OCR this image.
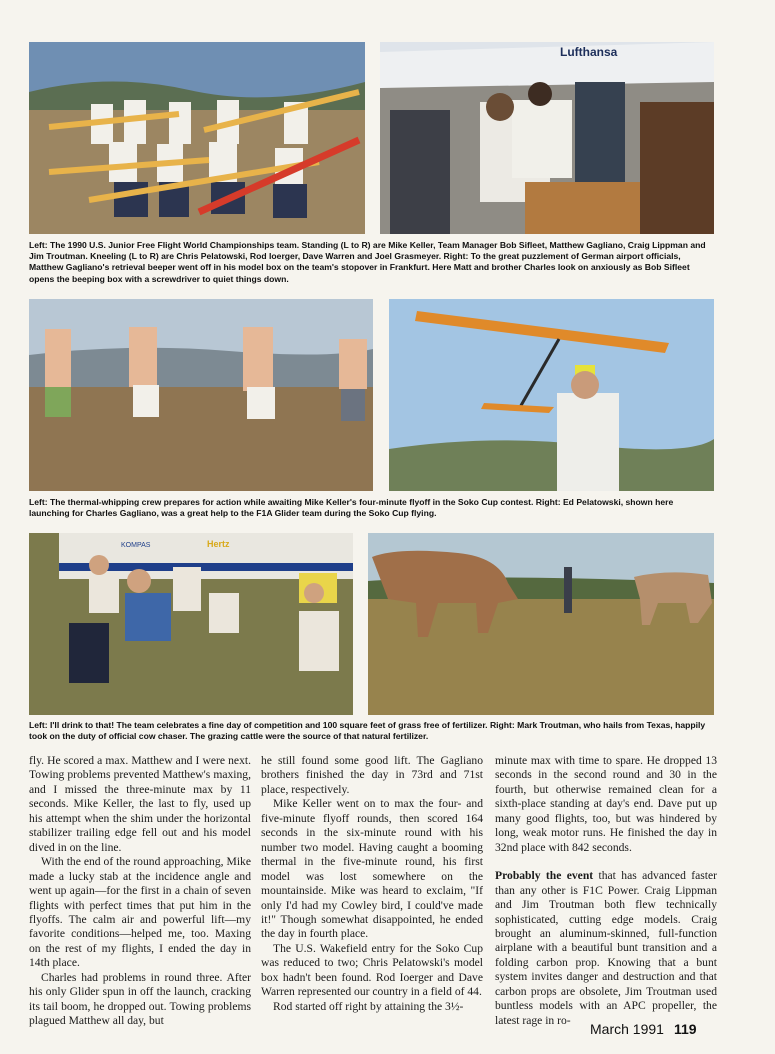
Lufthansa

Left: The 1990 U.S. Junior Free Flight World Championships team. Standing (L to R) are Mike Keller, Team Manager Bob Sifleet, Matthew Gagliano, Craig Lippman and Jim Troutman. Kneeling (L to R) are Chris Pelatowski, Rod Ioerger, Dave Warren and Joel Grasmeyer. Right: To the great puzzlement of German airport officials, Matthew Gagliano's retrieval beeper went off in his model box on the team's stopover in Frankfurt. Here Matt and brother Charles look on anxiously as Bob Sifleet opens the beeping box with a screwdriver to quiet things down.

Left: The thermal-whipping crew prepares for action while awaiting Mike Keller's four-minute flyoff in the Soko Cup contest. Right: Ed Pelatowski, shown here launching for Charles Gagliano, was a great help to the F1A Glider team during the Soko Cup flying.

KOMPAS	Hertz

Left: I'll drink to that! The team celebrates a fine day of competition and 100 square feet of grass free of fertilizer. Right: Mark Troutman, who hails from Texas, happily took on the duty of official cow chaser. The grazing cattle were the source of that natural fertilizer.

fly. He scored a max. Matthew and I were next. Towing problems prevented Matthew's maxing, and I missed the three-minute max by 11 seconds. Mike Keller, the last to fly, used up his attempt when the shim under the horizontal stabilizer trailing edge fell out and his model dived in on the line.

With the end of the round approaching, Mike made a lucky stab at the incidence angle and went up again—for the first in a chain of seven flights with perfect times that put him in the flyoffs. The calm air and powerful lift—my favorite conditions—helped me, too. Maxing on the rest of my flights, I ended the day in 14th place.

Charles had problems in round three. After his only Glider spun in off the launch, cracking its tail boom, he dropped out. Towing problems plagued Matthew all day, but

he still found some good lift. The Gagliano brothers finished the day in 73rd and 71st place, respectively.

Mike Keller went on to max the four- and five-minute flyoff rounds, then scored 164 seconds in the six-minute round with his number two model. Having caught a booming thermal in the five-minute round, his first model was lost somewhere on the mountainside. Mike was heard to exclaim, "If only I'd had my Cowley bird, I could've made it!" Though somewhat disappointed, he ended the day in fourth place.

The U.S. Wakefield entry for the Soko Cup was reduced to two; Chris Pelatowski's model box hadn't been found. Rod Ioerger and Dave Warren represented our country in a field of 44.

Rod started off right by attaining the 3½-

minute max with time to spare. He dropped 13 seconds in the second round and 30 in the fourth, but otherwise remained clean for a sixth-place standing at day's end. Dave put up many good flights, too, but was hindered by long, weak motor runs. He finished the day in 32nd place with 842 seconds.

Probably the event that has advanced faster than any other is F1C Power. Craig Lippman and Jim Troutman both flew technically sophisticated, cutting edge models. Craig brought an aluminum-skinned, full-function airplane with a beautiful bunt transition and a folding carbon prop. Knowing that a bunt system invites danger and destruction and that carbon props are obsolete, Jim Troutman used buntless models with an APC propeller, the latest rage in ro-

March 1991 119
